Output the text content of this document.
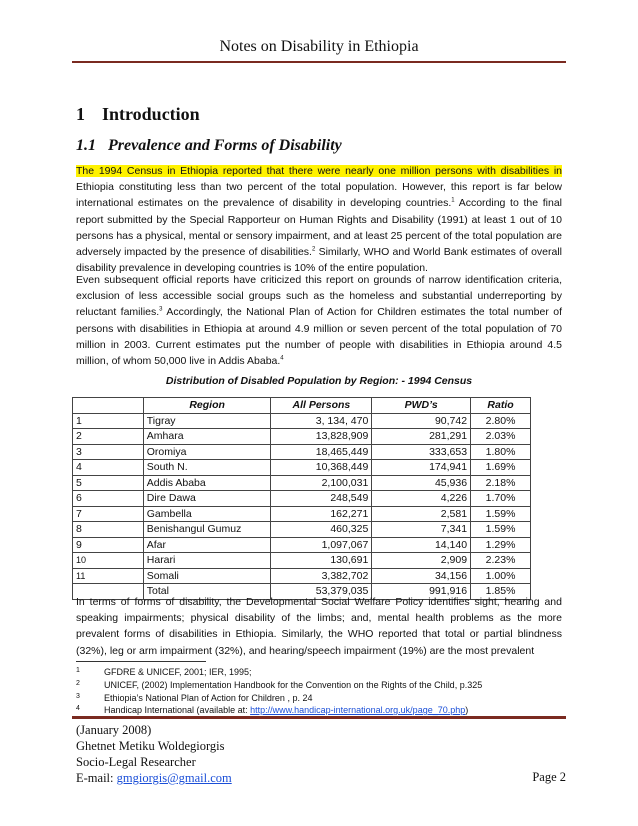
Notes on Disability in Ethiopia
1 Introduction
1.1 Prevalence and Forms of Disability

The 1994 Census in Ethiopia reported that there were nearly one million persons with disabilities in Ethiopia constituting less than two percent of the total population. However, this report is far below international estimates on the prevalence of disability in developing countries.$^1$ According to the final report submitted by the Special Rapporteur on Human Rights and Disability (1991) at least 1 out of 10 persons has a physical, mental or sensory impairment, and at least 25 percent of the total population are adversely impacted by the presence of disabilities.$^2$ Similarly, WHO and World Bank estimates of overall disability prevalence in developing countries is 10% of the entire population.

Even subsequent official reports have criticized this report on grounds of narrow identification criteria, exclusion of less accessible social groups such as the homeless and substantial underreporting by reluctant families.$^3$ Accordingly, the National Plan of Action for Children estimates the total number of persons with disabilities in Ethiopia at around 4.9 million or seven percent of the total population of 70 million in 2003. Current estimates put the number of people with disabilities in Ethiopia around 4.5 million, of whom 50,000 live in Addis Ababa.$^4$

Distribution of Disabled Population by Region: - 1994 Census
	Region	All Persons	PWD’s	Ratio
1	Tigray	3, 134, 470	90,742	2.80%
2	Amhara	13,828,909	281,291	2.03%
3	Oromiya	18,465,449	333,653	1.80%
4	South N.	10,368,449	174,941	1.69%
5	Addis Ababa	2,100,031	45,936	2.18%
6	Dire Dawa	248,549	4,226	1.70%
7	Gambella	162,271	2,581	1.59%
8	Benishangul Gumuz	460,325	7,341	1.59%
9	Afar	1,097,067	14,140	1.29%
10	Harari	130,691	2,909	2.23%
11	Somali	3,382,702	34,156	1.00%
	Total	53,379,035	991,916	1.85%

In terms of forms of disability, the Developmental Social Welfare Policy identifies sight, hearing and speaking impairments; physical disability of the limbs; and, mental health problems as the more prevalent forms of disabilities in Ethiopia. Similarly, the WHO reported that total or partial blindness (32%), leg or arm impairment (32%), and hearing/speech impairment (19%) are the most prevalent

1	GFDRE & UNICEF, 2001; IER, 1995;
2	UNICEF, (2002) Implementation Handbook for the Convention on the Rights of the Child, p.325
3	Ethiopia’s National Plan of Action for Children , p. 24
4	Handicap International (available at: http://www.handicap-international.org.uk/page_70.php)
(January 2008)
Ghetnet Metiku Woldegiorgis
Socio-Legal Researcher
E-mail: gmgiorgis@gmail.com	Page 2
